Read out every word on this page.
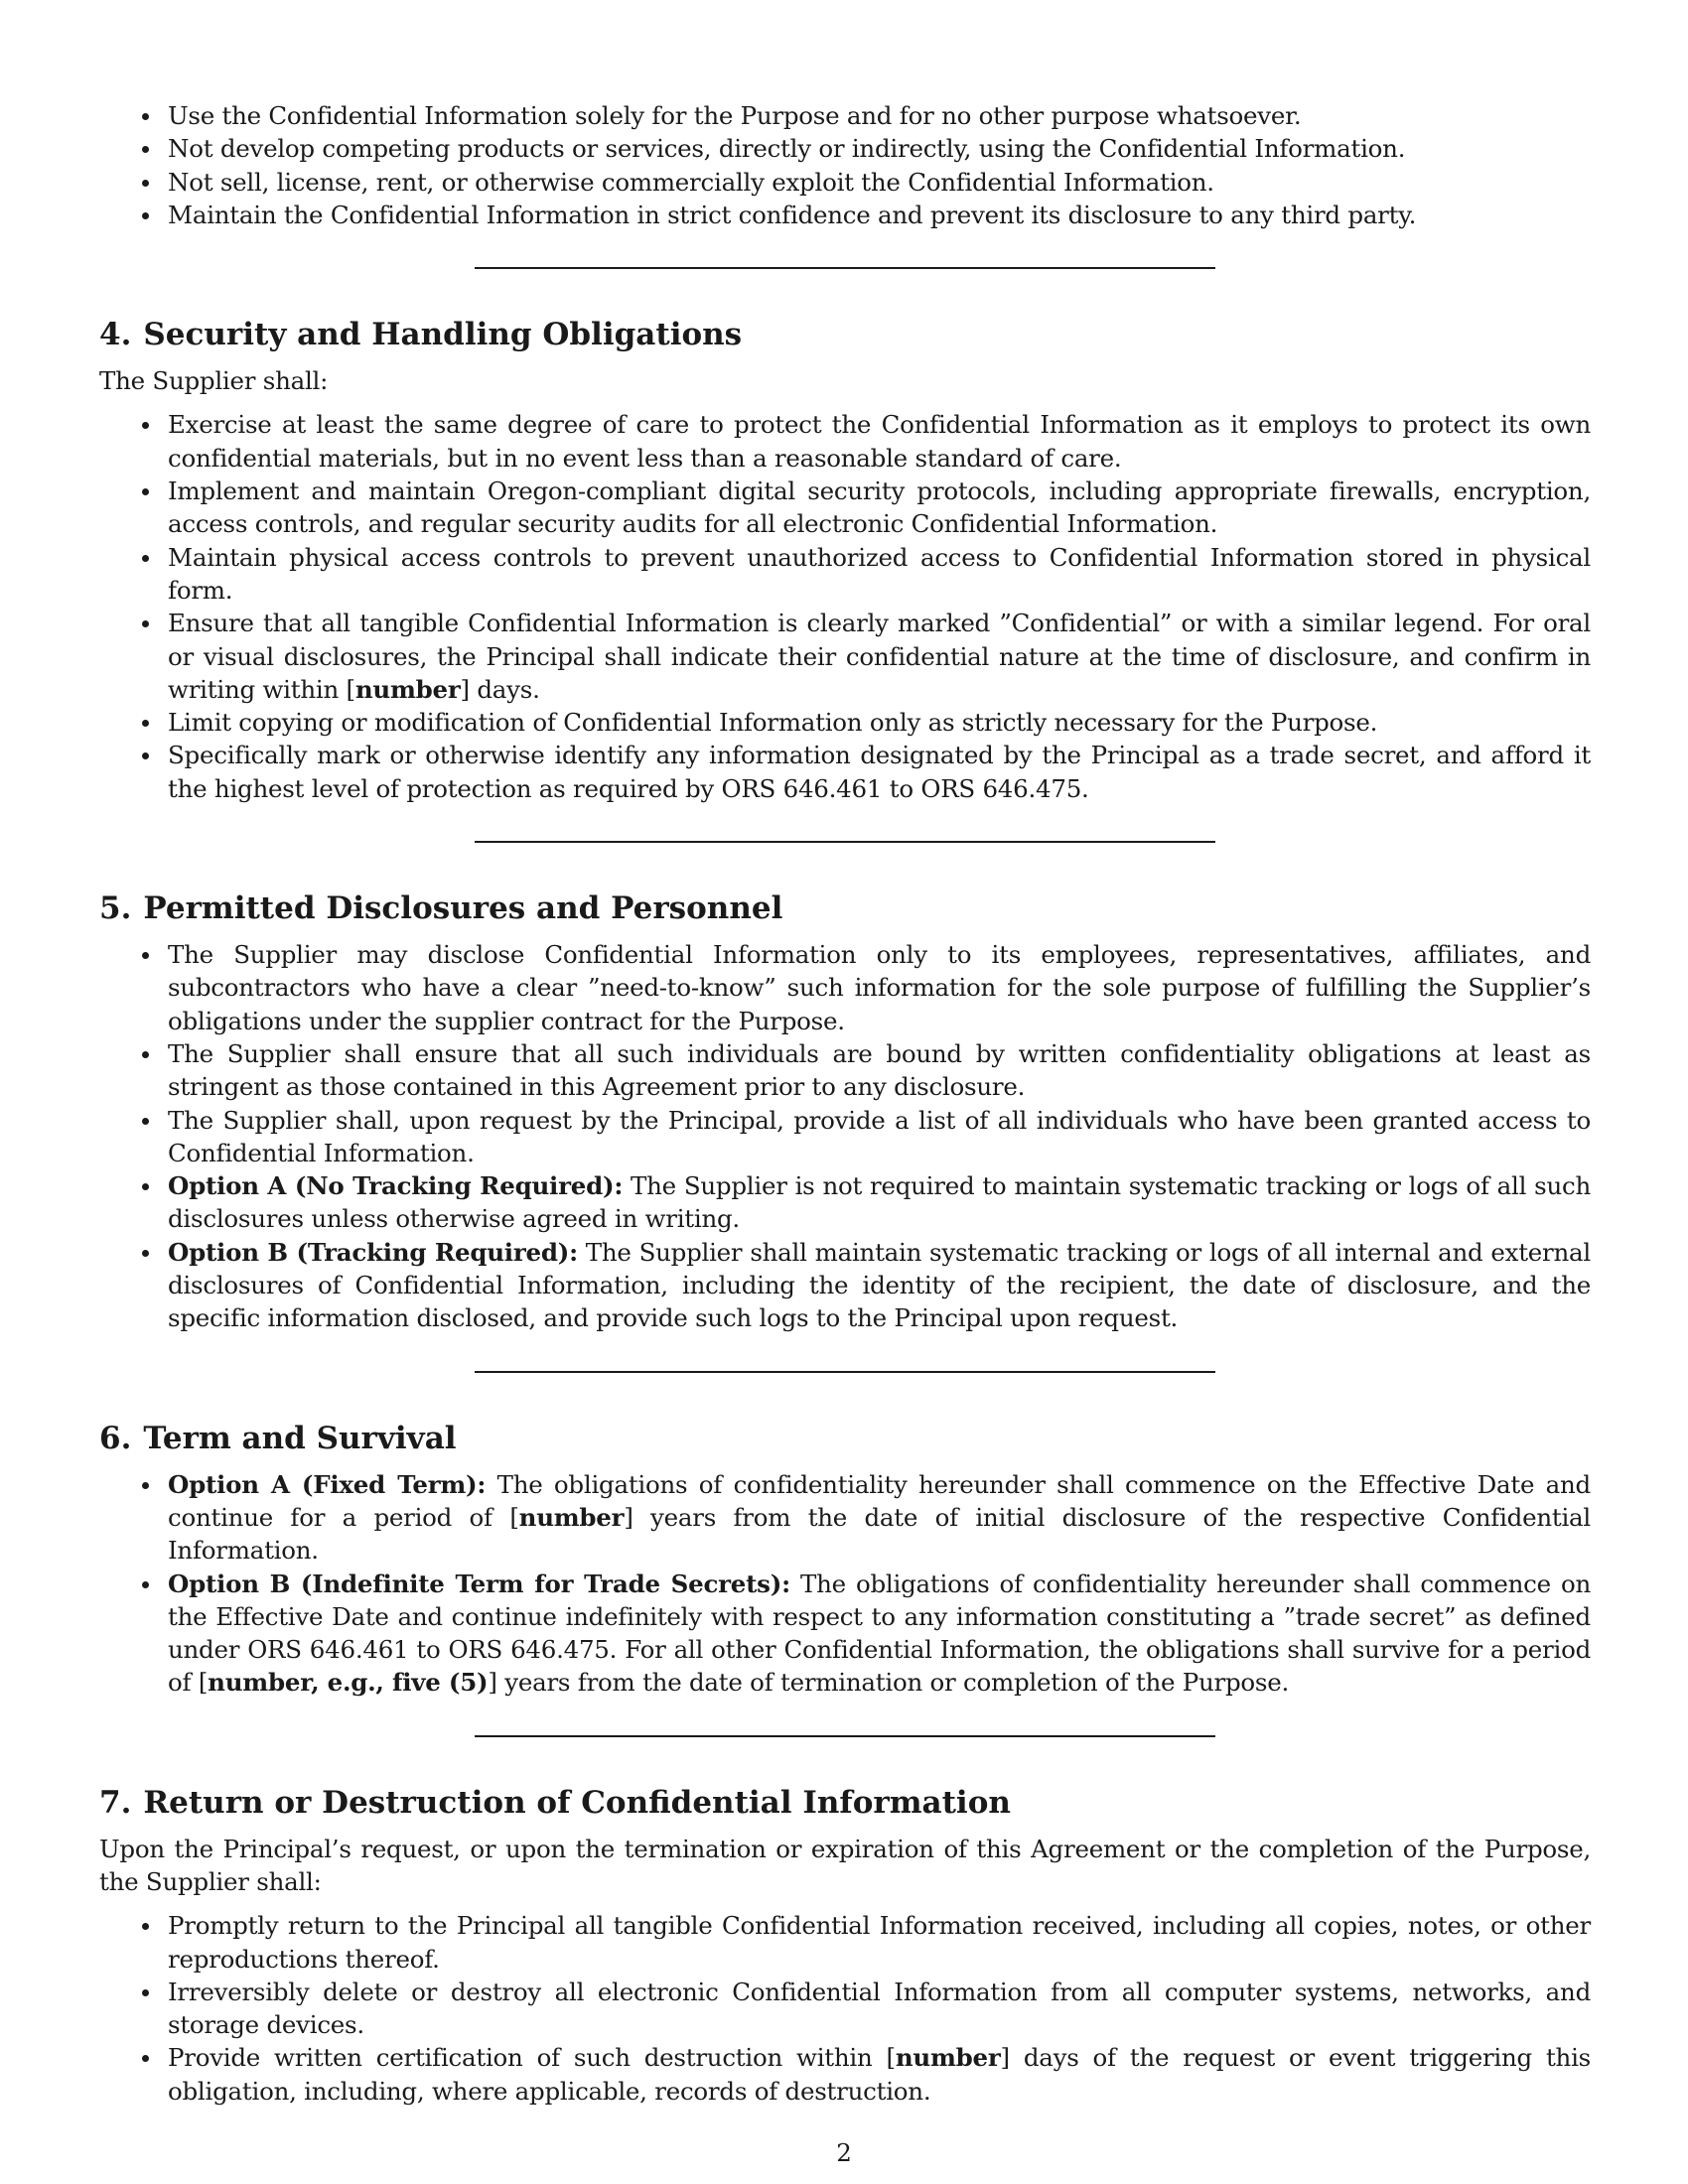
Use the Confidential Information solely for the Purpose and for no other purpose whatsoever.
Not develop competing products or services, directly or indirectly, using the Confidential Information.
Not sell, license, rent, or otherwise commercially exploit the Confidential Information.
Maintain the Confidential Information in strict confidence and prevent its disclosure to any third party.
4. Security and Handling Obligations

The Supplier shall:

Exercise at least the same degree of care to protect the Confidential Information as it employs to protect its own confidential materials, but in no event less than a reasonable standard of care.
Implement and maintain Oregon-compliant digital security protocols, including appropriate firewalls, encryption, access controls, and regular security audits for all electronic Confidential Information.
Maintain physical access controls to prevent unauthorized access to Confidential Information stored in physical form.
Ensure that all tangible Confidential Information is clearly marked ”Confidential” or with a similar legend. For oral or visual disclosures, the Principal shall indicate their confidential nature at the time of disclosure, and confirm in writing within [number] days.
Limit copying or modification of Confidential Information only as strictly necessary for the Purpose.
Specifically mark or otherwise identify any information designated by the Principal as a trade secret, and afford it the highest level of protection as required by ORS 646.461 to ORS 646.475.
5. Permitted Disclosures and Personnel
The Supplier may disclose Confidential Information only to its employees, representatives, affiliates, and subcontractors who have a clear ”need-to-know” such information for the sole purpose of fulfilling the Supplier’s obligations under the supplier contract for the Purpose.
The Supplier shall ensure that all such individuals are bound by written confidentiality obligations at least as stringent as those contained in this Agreement prior to any disclosure.
The Supplier shall, upon request by the Principal, provide a list of all individuals who have been granted access to Confidential Information.
Option A (No Tracking Required): The Supplier is not required to maintain systematic tracking or logs of all such disclosures unless otherwise agreed in writing.
Option B (Tracking Required): The Supplier shall maintain systematic tracking or logs of all internal and external disclosures of Confidential Information, including the identity of the recipient, the date of disclosure, and the specific information disclosed, and provide such logs to the Principal upon request.
6. Term and Survival
Option A (Fixed Term): The obligations of confidentiality hereunder shall commence on the Effective Date and continue for a period of [number] years from the date of initial disclosure of the respective Confidential Information.
Option B (Indefinite Term for Trade Secrets): The obligations of confidentiality hereunder shall commence on the Effective Date and continue indefinitely with respect to any information constituting a ”trade secret” as defined under ORS 646.461 to ORS 646.475. For all other Confidential Information, the obligations shall survive for a period of [number, e.g., five (5)] years from the date of termination or completion of the Purpose.
7. Return or Destruction of Confidential Information

Upon the Principal’s request, or upon the termination or expiration of this Agreement or the completion of the Purpose, the Supplier shall:

Promptly return to the Principal all tangible Confidential Information received, including all copies, notes, or other reproductions thereof.
Irreversibly delete or destroy all electronic Confidential Information from all computer systems, networks, and storage devices.
Provide written certification of such destruction within [number] days of the request or event triggering this obligation, including, where applicable, records of destruction.
2
